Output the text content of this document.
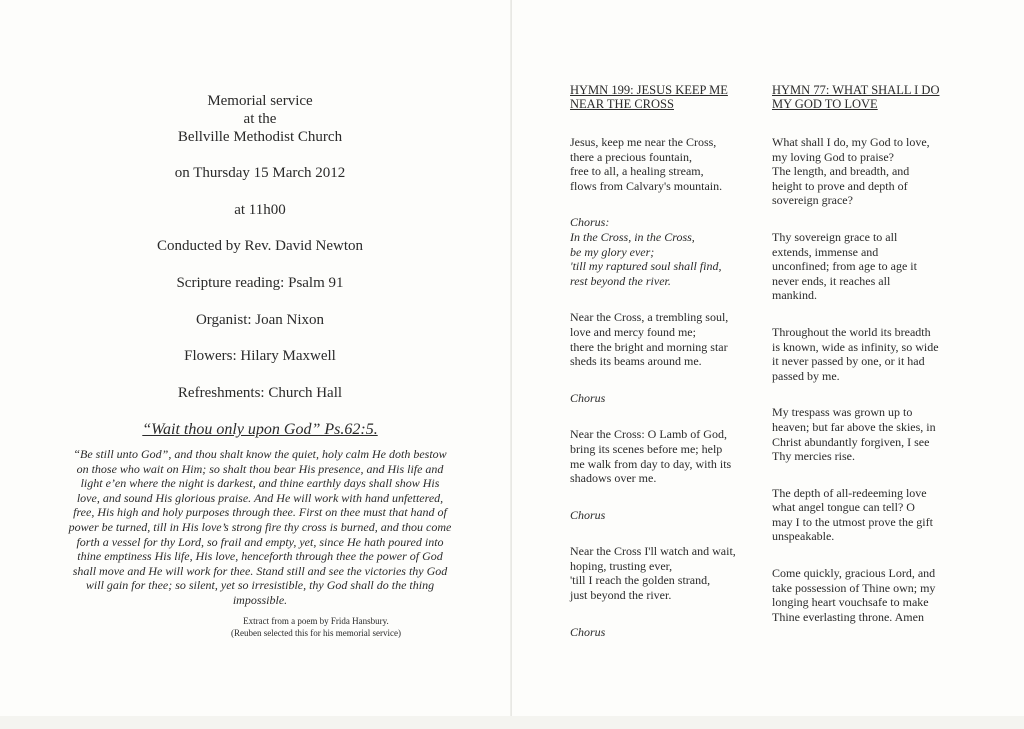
Memorial service
at the
Bellville Methodist Church
on Thursday 15 March 2012
at 11h00
Conducted by Rev. David Newton
Scripture reading: Psalm 91
Organist: Joan Nixon
Flowers: Hilary Maxwell
Refreshments: Church Hall
“Wait thou only upon God” Ps.62:5.
“Be still unto God”, and thou shalt know the quiet, holy calm He doth bestow on those who wait on Him; so shalt thou bear His presence, and His life and light e’en where the night is darkest, and thine earthly days shall show His love, and sound His glorious praise. And He will work with hand unfettered, free, His high and holy purposes through thee. First on thee must that hand of power be turned, till in His love’s strong fire thy cross is burned, and thou come forth a vessel for thy Lord, so frail and empty, yet, since He hath poured into thine emptiness His life, His love, henceforth through thee the power of God shall move and He will work for thee. Stand still and see the victories thy God will gain for thee; so silent, yet so irresistible, thy God shall do the thing impossible.
Extract from a poem by Frida Hansbury.
(Reuben selected this for his memorial service)
HYMN 199: JESUS KEEP ME NEAR THE CROSS
Jesus, keep me near the Cross,
there a precious fountain,
free to all, a healing stream,
flows from Calvary's mountain.
Chorus:
In the Cross, in the Cross,
be my glory ever;
'till my raptured soul shall find,
rest beyond the river.
Near the Cross, a trembling soul,
love and mercy found me;
there the bright and morning star
sheds its beams around me.
Chorus
Near the Cross: O Lamb of God,
bring its scenes before me; help
me walk from day to day, with its
shadows over me.
Chorus
Near the Cross I'll watch and wait,
hoping, trusting ever,
'till I reach the golden strand,
just beyond the river.
Chorus
HYMN 77: WHAT SHALL I DO MY GOD TO LOVE
What shall I do, my God to love,
my loving God to praise?
The length, and breadth, and
height to prove and depth of
sovereign grace?
Thy sovereign grace to all
extends, immense and
unconfined; from age to age it
never ends, it reaches all
mankind.
Throughout the world its breadth
is known, wide as infinity, so wide
it never passed by one, or it had
passed by me.
My trespass was grown up to
heaven; but far above the skies, in
Christ abundantly forgiven, I see
Thy mercies rise.
The depth of all-redeeming love
what angel tongue can tell? O
may I to the utmost prove the gift
unspeakable.
Come quickly, gracious Lord, and
take possession of Thine own; my
longing heart vouchsafe to make
Thine everlasting throne. Amen
